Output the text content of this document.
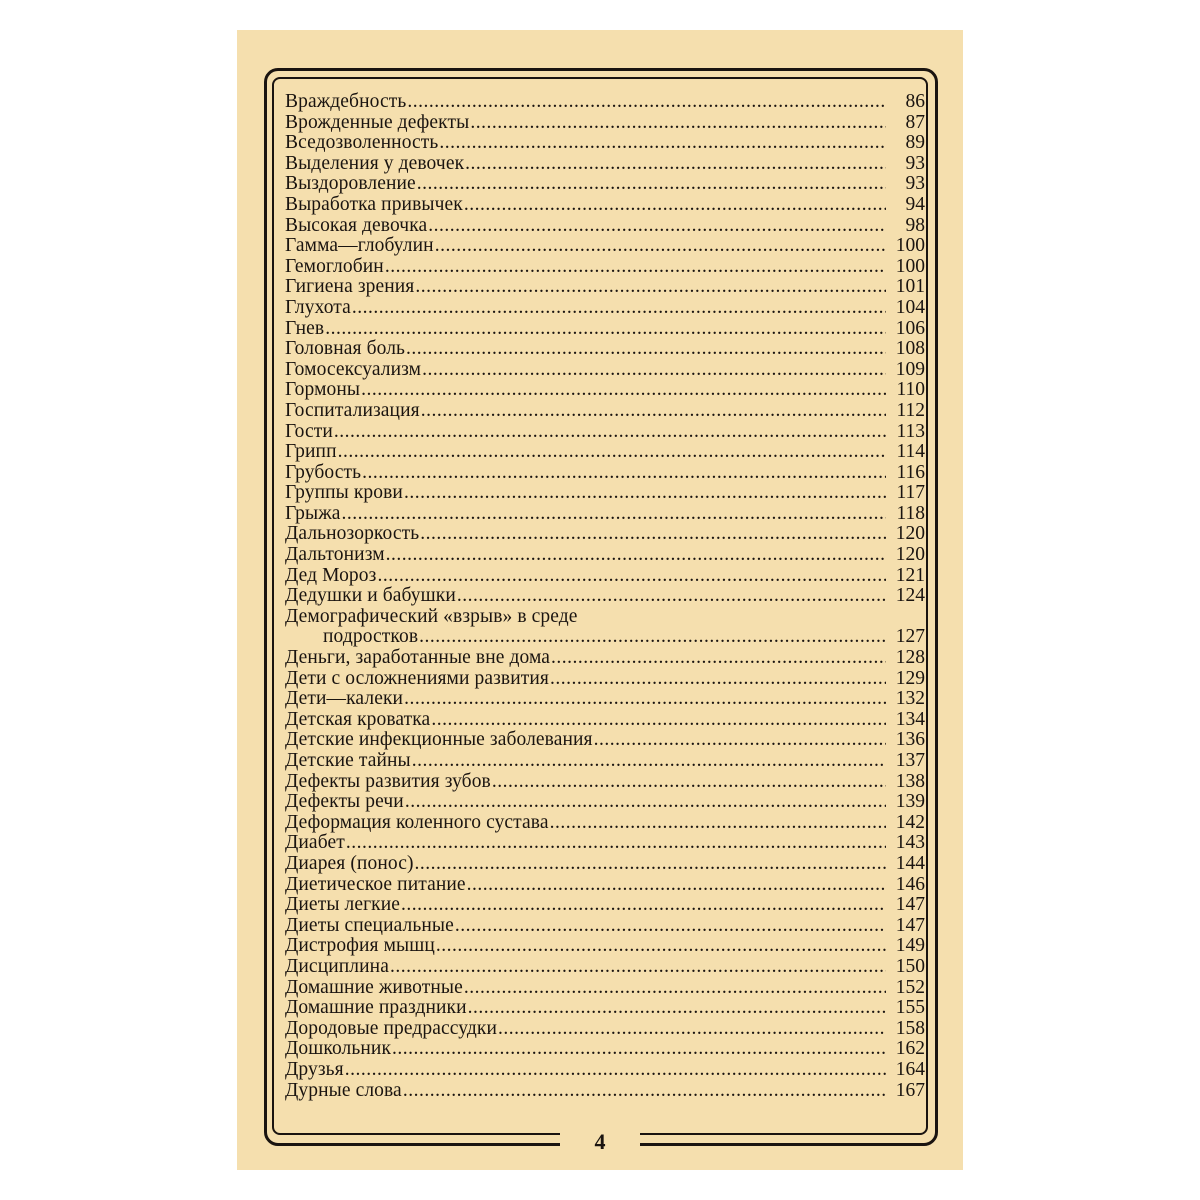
Враждебность .....	86
Врожденные дефекты .....	87
Вседозволенность .....	89
Выделения у девочек .....	93
Выздоровление .....	93
Выработка привычек .....	94
Высокая девочка .....	98
Гамма—глобулин .....	100
Гемоглобин .....	100
Гигиена зрения .....	101
Глухота .....	104
Гнев .....	106
Головная боль .....	108
Гомосексуализм .....	109
Гормоны .....	110
Госпитализация .....	112
Гости .....	113
Грипп .....	114
Грубость .....	116
Группы крови .....	117
Грыжа .....	118
Дальнозоркость .....	120
Дальтонизм .....	120
Дед Мороз .....	121
Дедушки и бабушки .....	124
Демографический «взрыв» в среде
подростков .....	127
Деньги, заработанные вне дома .....	128
Дети с осложнениями развития .....	129
Дети—калеки .....	132
Детская кроватка .....	134
Детские инфекционные заболевания .....	136
Детские тайны .....	137
Дефекты развития зубов .....	138
Дефекты речи .....	139
Деформация коленного сустава .....	142
Диабет .....	143
Диарея (понос) .....	144
Диетическое питание .....	146
Диеты легкие .....	147
Диеты специальные .....	147
Дистрофия мышц .....	149
Дисциплина .....	150
Домашние животные .....	152
Домашние праздники .....	155
Дородовые предрассудки .....	158
Дошкольник .....	162
Друзья .....	164
Дурные слова .....	167
4
